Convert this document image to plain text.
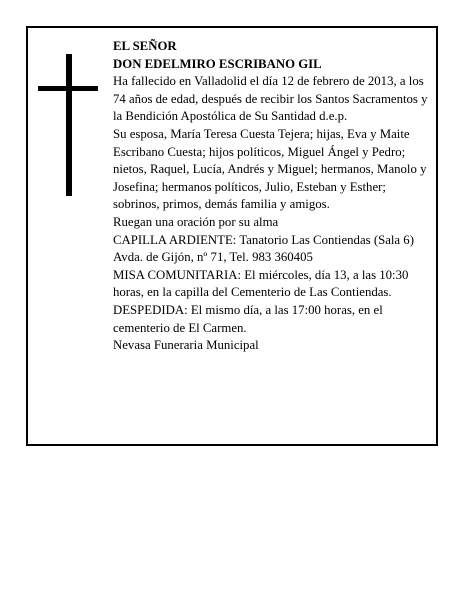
EL SEÑOR

DON EDELMIRO ESCRIBANO GIL

Ha fallecido en Valladolid el día 12 de febrero de 2013, a los 74 años de edad, después de recibir los Santos Sacramentos y la Bendición Apostólica de Su Santidad d.e.p.

Su esposa, María Teresa Cuesta Tejera; hijas, Eva y Maite Escribano Cuesta; hijos políticos, Miguel Ángel y Pedro; nietos, Raquel, Lucía, Andrés y Miguel; hermanos, Manolo y Josefina; hermanos políticos, Julio, Esteban y Esther; sobrinos, primos, demás familia y amigos.

Ruegan una oración por su alma

CAPILLA ARDIENTE: Tanatorio Las Contiendas (Sala 6) Avda. de Gijón, nº 71, Tel. 983 360405

MISA COMUNITARIA: El miércoles, día 13, a las 10:30 horas, en la capilla del Cementerio de Las Contiendas.

DESPEDIDA: El mismo día, a las 17:00 horas, en el cementerio de El Carmen.

Nevasa Funeraria Municipal
